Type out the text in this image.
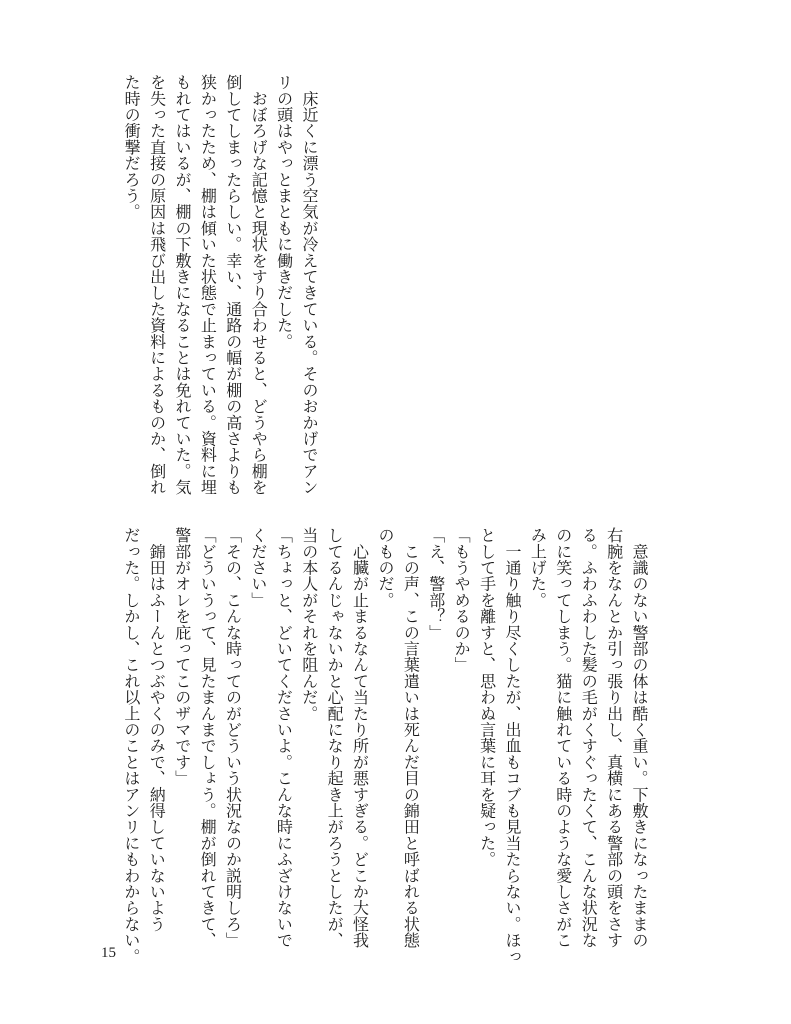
　床近くに漂う空気が冷えてきている。そのおかげでアン
リの頭はやっとまともに働きだした。
　おぼろげな記憶と現状をすり合わせると、どうやら棚を
倒してしまったらしい。幸い、通路の幅が棚の高さよりも
狭かったため、棚は傾いた状態で止まっている。資料に埋
もれてはいるが、棚の下敷きになることは免れていた。気
を失った直接の原因は飛び出した資料によるものか、倒れ
た時の衝撃だろう。
　意識のない警部の体は酷く重い。下敷きになったままの
右腕をなんとか引っ張り出し、真横にある警部の頭をさす
る。ふわふわした髪の毛がくすぐったくて、こんな状況な
のに笑ってしまう。猫に触れている時のような愛しさがこ
み上げた。
　一通り触り尽くしたが、出血もコブも見当たらない。ほっ
として手を離すと、思わぬ言葉に耳を疑った。
「もうやめるのか」
「え、警部？」
　この声、この言葉遣いは死んだ目の錦田と呼ばれる状態
のものだ。
　心臓が止まるなんて当たり所が悪すぎる。どこか大怪我
してるんじゃないかと心配になり起き上がろうとしたが、
当の本人がそれを阻んだ。
「ちょっと、どいてくださいよ。こんな時にふざけないで
ください」
「その、こんな時ってのがどういう状況なのか説明しろ」
「どういうって、見たまんまでしょう。棚が倒れてきて、
警部がオレを庇ってこのザマです」
　錦田はふーんとつぶやくのみで、納得していないよう
だった。しかし、これ以上のことはアンリにもわからない。
15
